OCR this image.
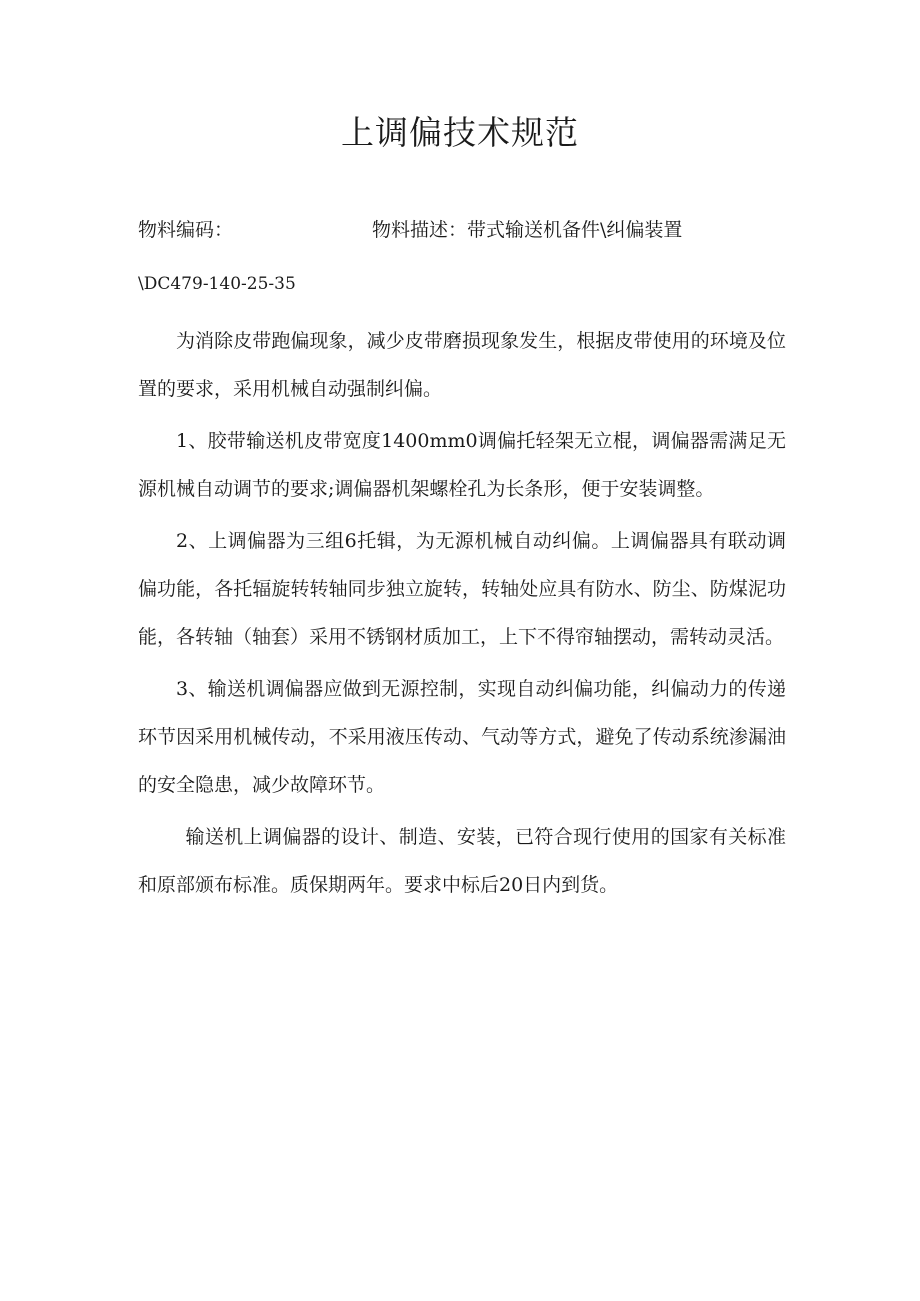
上调偏技术规范
物料编码：	物料描述：带式输送机备件\纠偏装置
\DC479-140-25-35

为消除皮带跑偏现象，减少皮带磨损现象发生，根据皮带使用的环境及位置的要求，采用机械自动强制纠偏。

1、胶带输送机皮带宽度1400mm0调偏托轻架无立棍，调偏器需满足无源机械自动调节的要求;调偏器机架螺栓孔为长条形，便于安装调整。

2、上调偏器为三组6托辑，为无源机械自动纠偏。上调偏器具有联动调偏功能，各托辐旋转转轴同步独立旋转，转轴处应具有防水、防尘、防煤泥功能，各转轴（轴套）采用不锈钢材质加工，上下不得帘轴摆动，需转动灵活。

3、输送机调偏器应做到无源控制，实现自动纠偏功能，纠偏动力的传递环节因采用机械传动，不采用液压传动、气动等方式，避免了传动系统渗漏油的安全隐患，减少故障环节。

输送机上调偏器的设计、制造、安装，已符合现行使用的国家有关标准和原部颁布标准。质保期两年。要求中标后20日内到货。
